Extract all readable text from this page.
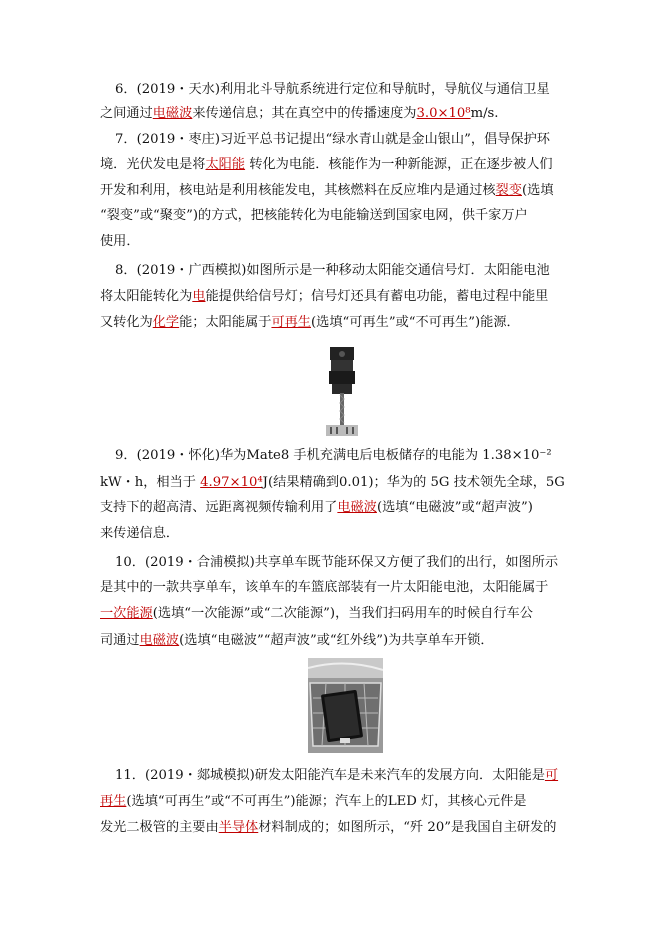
6．(2019・天水)利用北斗导航系统进行定位和导航时，导航仪与通信卫星
之间通过电磁波来传递信息；其在真空中的传播速度为3.0×10⁸m/s.
7．(2019・枣庄)习近平总书记提出“绿水青山就是金山银山”，倡导保护环
境．光伏发电是将太阳能 转化为电能．核能作为一种新能源，正在逐步被人们
开发和利用，核电站是利用核能发电，其核燃料在反应堆内是通过核裂变(选填
“裂变”或“聚变”)的方式，把核能转化为电能输送到国家电网，供千家万户
使用．
8．(2019・广西模拟)如图所示是一种移动太阳能交通信号灯．太阳能电池
将太阳能转化为电能提供给信号灯；信号灯还具有蓄电功能，蓄电过程中能里
又转化为化学能；太阳能属于可再生(选填“可再生”或“不可再生”)能源．
9．(2019・怀化)华为Mate8 手机充满电后电板储存的电能为 1.38×10⁻²
kW・h，相当于 4.97×10⁴J(结果精确到0.01)；华为的 5G 技术领先全球，5G
支持下的超高清、远距离视频传输利用了电磁波(选填“电磁波”或“超声波”)
来传递信息．
10．(2019・合浦模拟)共享单车既节能环保又方便了我们的出行，如图所示
是其中的一款共享单车，该单车的车篮底部装有一片太阳能电池，太阳能属于
一次能源(选填“一次能源”或“二次能源”)，当我们扫码用车的时候自行车公
司通过电磁波(选填“电磁波”“超声波”或“红外线”)为共享单车开锁．
11．(2019・郯城模拟)研发太阳能汽车是未来汽车的发展方向．太阳能是可
再生(选填“可再生”或“不可再生”)能源；汽车上的LED 灯，其核心元件是
发光二极管的主要由半导体材料制成的；如图所示，“歼 20”是我国自主研发的
